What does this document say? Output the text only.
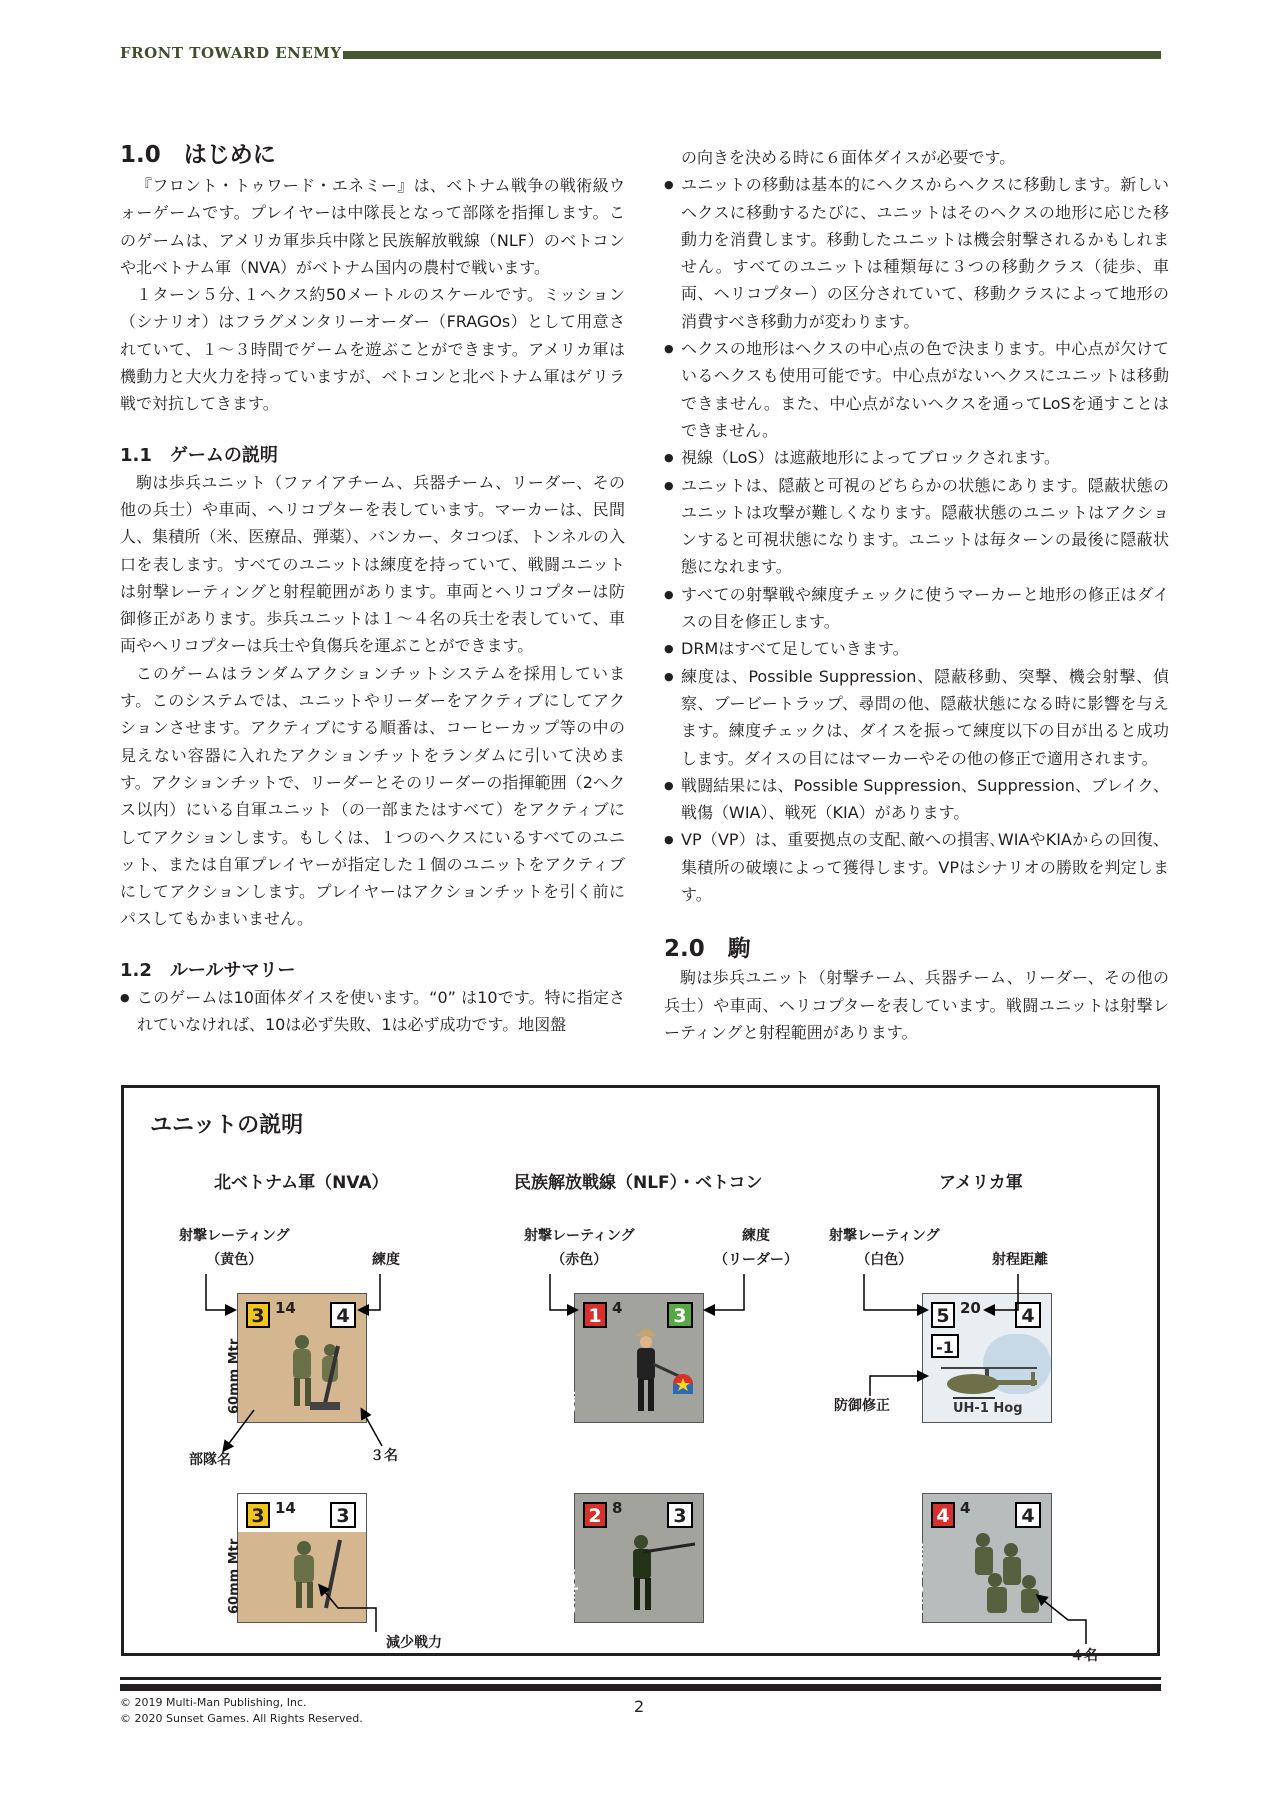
FRONT TOWARD ENEMY
1.0　はじめに

『フロント・トゥワード・エネミー』は、ベトナム戦争の戦術級ウォーゲームです。プレイヤーは中隊長となって部隊を指揮します。このゲームは、アメリカ軍歩兵中隊と民族解放戦線（NLF）のベトコンや北ベトナム軍（NVA）がベトナム国内の農村で戦います。

１ターン５分､１ヘクス約50メートルのスケールです。ミッション（シナリオ）はフラグメンタリーオーダー（FRAGOs）として用意されていて、１～３時間でゲームを遊ぶことができます。アメリカ軍は機動力と大火力を持っていますが、ベトコンと北ベトナム軍はゲリラ戦で対抗してきます。

1.1　ゲームの説明

駒は歩兵ユニット（ファイアチーム、兵器チーム、リーダー、その他の兵士）や車両、ヘリコプターを表しています。マーカーは、民間人、集積所（米、医療品、弾薬）、バンカー、タコつぼ、トンネルの入口を表します。すべてのユニットは練度を持っていて、戦闘ユニットは射撃レーティングと射程範囲があります。車両とヘリコプターは防御修正があります。歩兵ユニットは１～４名の兵士を表していて、車両やヘリコプターは兵士や負傷兵を運ぶことができます。

このゲームはランダムアクションチットシステムを採用しています。このシステムでは、ユニットやリーダーをアクティブにしてアクションさせます。アクティブにする順番は、コーヒーカップ等の中の見えない容器に入れたアクションチットをランダムに引いて決めます。アクションチットで、リーダーとそのリーダーの指揮範囲（2ヘクス以内）にいる自軍ユニット（の一部またはすべて）をアクティブにしてアクションします。もしくは、１つのヘクスにいるすべてのユニット、または自軍プレイヤーが指定した１個のユニットをアクティブにしてアクションします。プレイヤーはアクションチットを引く前にパスしてもかまいません。

1.2　ルールサマリー
● このゲームは10面体ダイスを使います。“0” は10です。特に指定されていなければ、10は必ず失敗、1は必ず成功です。地図盤
の向きを決める時に６面体ダイスが必要です。
● ユニットの移動は基本的にヘクスからヘクスに移動します。新しいヘクスに移動するたびに、ユニットはそのヘクスの地形に応じた移動力を消費します。移動したユニットは機会射撃されるかもしれません。すべてのユニットは種類毎に３つの移動クラス（徒歩、車両、ヘリコプター）の区分されていて、移動クラスによって地形の消費すべき移動力が変わります。
● ヘクスの地形はヘクスの中心点の色で決まります。中心点が欠けているヘクスも使用可能です。中心点がないヘクスにユニットは移動できません。また、中心点がないヘクスを通ってLoSを通すことはできません。
● 視線（LoS）は遮蔽地形によってブロックされます。
● ユニットは、隠蔽と可視のどちらかの状態にあります。隠蔽状態のユニットは攻撃が難しくなります。隠蔽状態のユニットはアクションすると可視状態になります。ユニットは毎ターンの最後に隠蔽状態になれます。
● すべての射撃戦や練度チェックに使うマーカーと地形の修正はダイスの目を修正します。
● DRMはすべて足していきます。
● 練度は、Possible Suppression、隠蔽移動、突撃、機会射撃、偵察、ブービートラップ、尋問の他、隠蔽状態になる時に影響を与えます。練度チェックは、ダイスを振って練度以下の目が出ると成功します。ダイスの目にはマーカーやその他の修正で適用されます。
● 戦闘結果には、Possible Suppression、Suppression、ブレイク、戦傷（WIA）、戦死（KIA）があります。
● VP（VP）は、重要拠点の支配､敵への損害､WIAやKIAからの回復、集積所の破壊によって獲得します。VPはシナリオの勝敗を判定します。
2.0　駒

駒は歩兵ユニット（射撃チーム、兵器チーム、リーダー、その他の兵士）や車両、ヘリコプターを表しています。戦闘ユニットは射撃レーティングと射程範囲があります。

ユニットの説明
北ベトナム軍（NVA）	民族解放戦線（NLF）・ベトコン	アメリカ軍
射撃レーティング
（黄色）	練度
部隊名	３名
減少戦力
射撃レーティング
（赤色）
練度
（リーダー）
射撃レーティング
（白色）	射程距離
防御修正
４名
3 14	4
60mm Mtr
3 14	3
60mm Mtr
1 4	3
Cdr
2 8	3
Sniper
5 20	4
-1
UH-1 Hog
4 4	4
Fire Team
© 2019 Multi-Man Publishing, Inc.
© 2020 Sunset Games. All Rights Reserved.
2
